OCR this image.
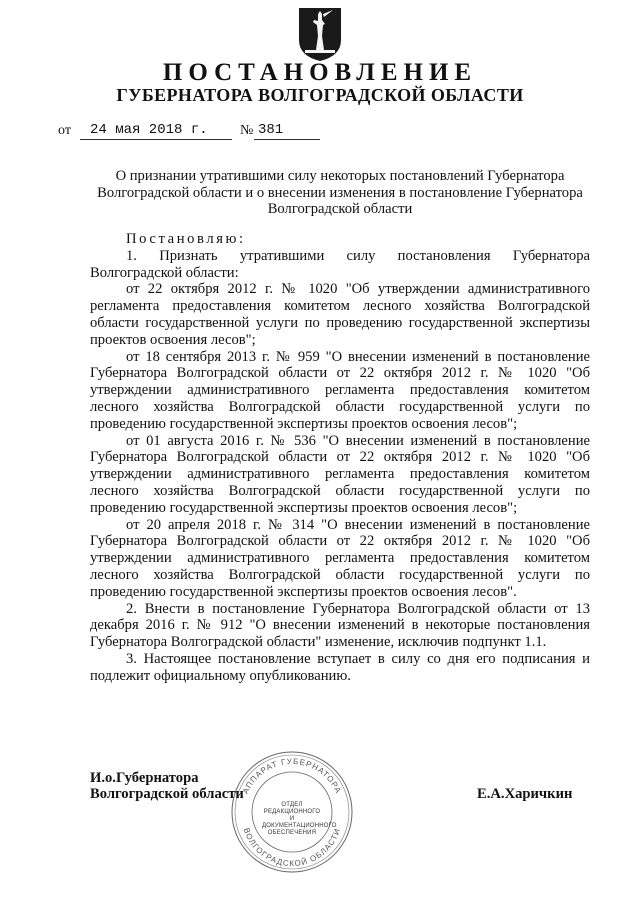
ПОСТАНОВЛЕНИЕ
ГУБЕРНАТОРА ВОЛГОГРАДСКОЙ ОБЛАСТИ
от 24 мая 2018 г. № 381
О признании утратившими силу некоторых постановлений Губернатора Волгоградской области и о внесении изменения в постановление Губернатора Волгоградской области

Постановляю:

1. Признать утратившими силу постановления Губернатора Волгоградской области:

от 22 октября 2012 г. № 1020 "Об утверждении административного регламента предоставления комитетом лесного хозяйства Волгоградской области государственной услуги по проведению государственной экспертизы проектов освоения лесов";

от 18 сентября 2013 г. № 959 "О внесении изменений в постановление Губернатора Волгоградской области от 22 октября 2012 г. № 1020 "Об утверждении административного регламента предоставления комитетом лесного хозяйства Волгоградской области государственной услуги по проведению государственной экспертизы проектов освоения лесов";

от 01 августа 2016 г. № 536 "О внесении изменений в постановление Губернатора Волгоградской области от 22 октября 2012 г. № 1020 "Об утверждении административного регламента предоставления комитетом лесного хозяйства Волгоградской области государственной услуги по проведению государственной экспертизы проектов освоения лесов";

от 20 апреля 2018 г. № 314 "О внесении изменений в постановление Губернатора Волгоградской области от 22 октября 2012 г. № 1020 "Об утверждении административного регламента предоставления комитетом лесного хозяйства Волгоградской области государственной услуги по проведению государственной экспертизы проектов освоения лесов".

2. Внести в постановление Губернатора Волгоградской области от 13 декабря 2016 г. № 912 "О внесении изменений в некоторые постановления Губернатора Волгоградской области" изменение, исключив подпункт 1.1.

3. Настоящее постановление вступает в силу со дня его подписания и подлежит официальному опубликованию.

АППАРАТ ГУБЕРНАТОРА
ВОЛГОГРАДСКОЙ ОБЛАСТИ
ОТДЕЛ
РЕДАКЦИОННОГО И
ДОКУМЕНТАЦИОННОГО
ОБЕСПЕЧЕНИЯ
И.о.Губернатора
Волгоградской области	Е.А.Харичкин
